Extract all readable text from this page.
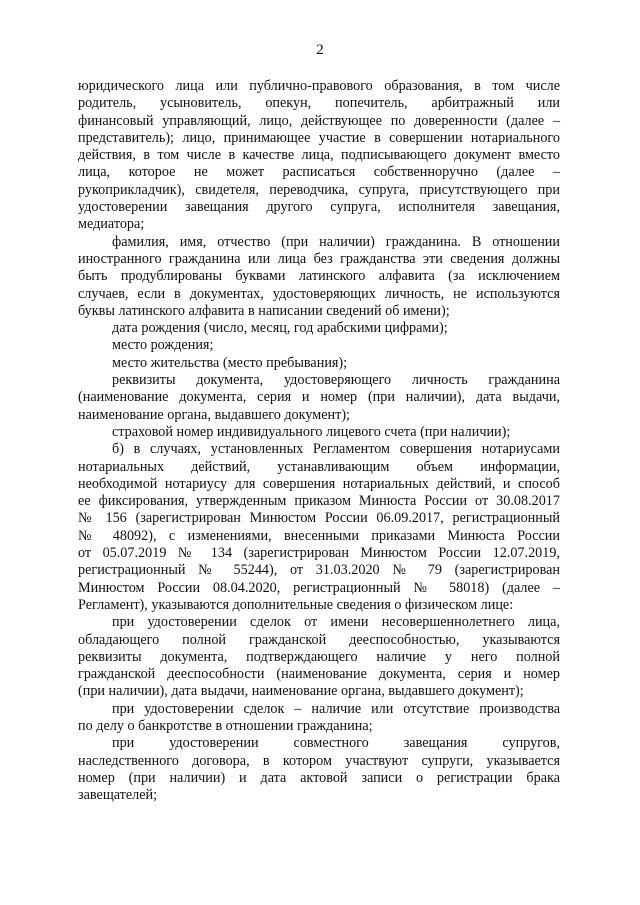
2
юридического лица или публично-правового образования, в том числе
родитель, усыновитель, опекун, попечитель, арбитражный или
финансовый управляющий, лицо, действующее по доверенности (далее –
представитель); лицо, принимающее участие в совершении нотариального
действия, в том числе в качестве лица, подписывающего документ вместо
лица, которое не может расписаться собственноручно (далее –
рукоприкладчик), свидетеля, переводчика, супруга, присутствующего при
удостоверении завещания другого супруга, исполнителя завещания,
медиатора;
фамилия, имя, отчество (при наличии) гражданина. В отношении
иностранного гражданина или лица без гражданства эти сведения должны
быть продублированы буквами латинского алфавита (за исключением
случаев, если в документах, удостоверяющих личность, не используются
буквы латинского алфавита в написании сведений об имени);
дата рождения (число, месяц, год арабскими цифрами);
место рождения;
место жительства (место пребывания);
реквизиты документа, удостоверяющего личность гражданина
(наименование документа, серия и номер (при наличии), дата выдачи,
наименование органа, выдавшего документ);
страховой номер индивидуального лицевого счета (при наличии);
б) в случаях, установленных Регламентом совершения нотариусами
нотариальных действий, устанавливающим объем информации,
необходимой нотариусу для совершения нотариальных действий, и способ
ее фиксирования, утвержденным приказом Минюста России от 30.08.2017
№ 156 (зарегистрирован Минюстом России 06.09.2017, регистрационный
№ 48092), с изменениями, внесенными приказами Минюста России
от 05.07.2019 № 134 (зарегистрирован Минюстом России 12.07.2019,
регистрационный № 55244), от 31.03.2020 № 79 (зарегистрирован
Минюстом России 08.04.2020, регистрационный № 58018) (далее –
Регламент), указываются дополнительные сведения о физическом лице:
при удостоверении сделок от имени несовершеннолетнего лица,
обладающего полной гражданской дееспособностью, указываются
реквизиты документа, подтверждающего наличие у него полной
гражданской дееспособности (наименование документа, серия и номер
(при наличии), дата выдачи, наименование органа, выдавшего документ);
при удостоверении сделок – наличие или отсутствие производства
по делу о банкротстве в отношении гражданина;
при удостоверении совместного завещания супругов,
наследственного договора, в котором участвуют супруги, указывается
номер (при наличии) и дата актовой записи о регистрации брака
завещателей;
